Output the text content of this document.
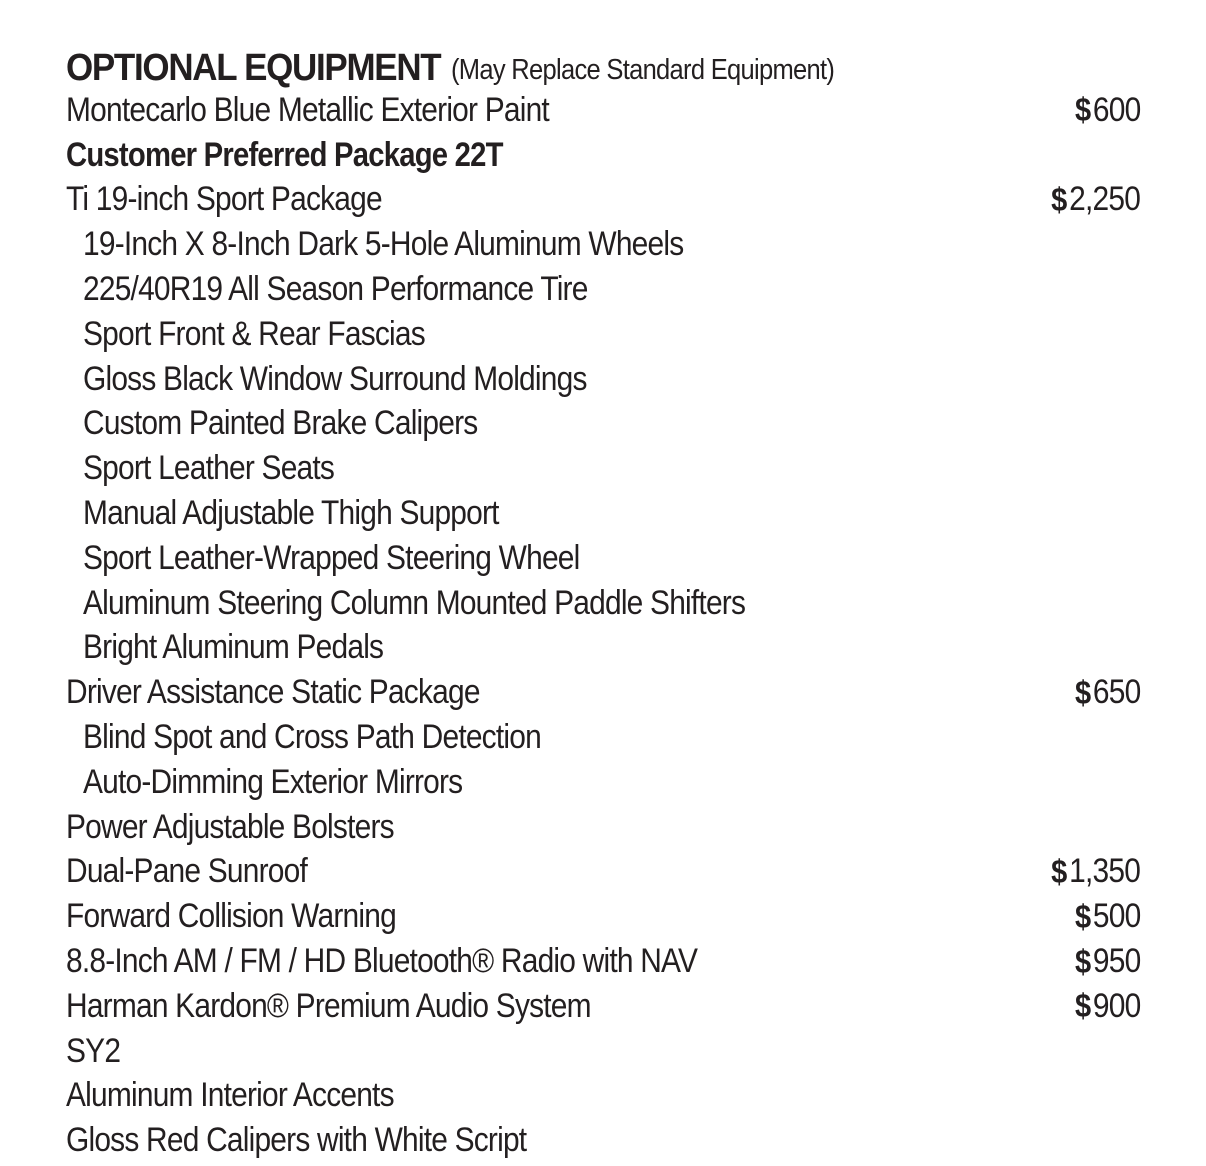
OPTIONAL EQUIPMENT (May Replace Standard Equipment)
Montecarlo Blue Metallic Exterior Paint	$ 600
Customer Preferred Package 22T
Ti 19-inch Sport Package	$ 2,250
19-Inch X 8-Inch Dark 5-Hole Aluminum Wheels
225/40R19 All Season Performance Tire
Sport Front & Rear Fascias
Gloss Black Window Surround Moldings
Custom Painted Brake Calipers
Sport Leather Seats
Manual Adjustable Thigh Support
Sport Leather-Wrapped Steering Wheel
Aluminum Steering Column Mounted Paddle Shifters
Bright Aluminum Pedals
Driver Assistance Static Package	$ 650
Blind Spot and Cross Path Detection
Auto-Dimming Exterior Mirrors
Power Adjustable Bolsters
Dual-Pane Sunroof	$ 1,350
Forward Collision Warning	$ 500
8.8-Inch AM / FM / HD Bluetooth® Radio with NAV	$ 950
Harman Kardon® Premium Audio System	$ 900
SY2
Aluminum Interior Accents
Gloss Red Calipers with White Script
